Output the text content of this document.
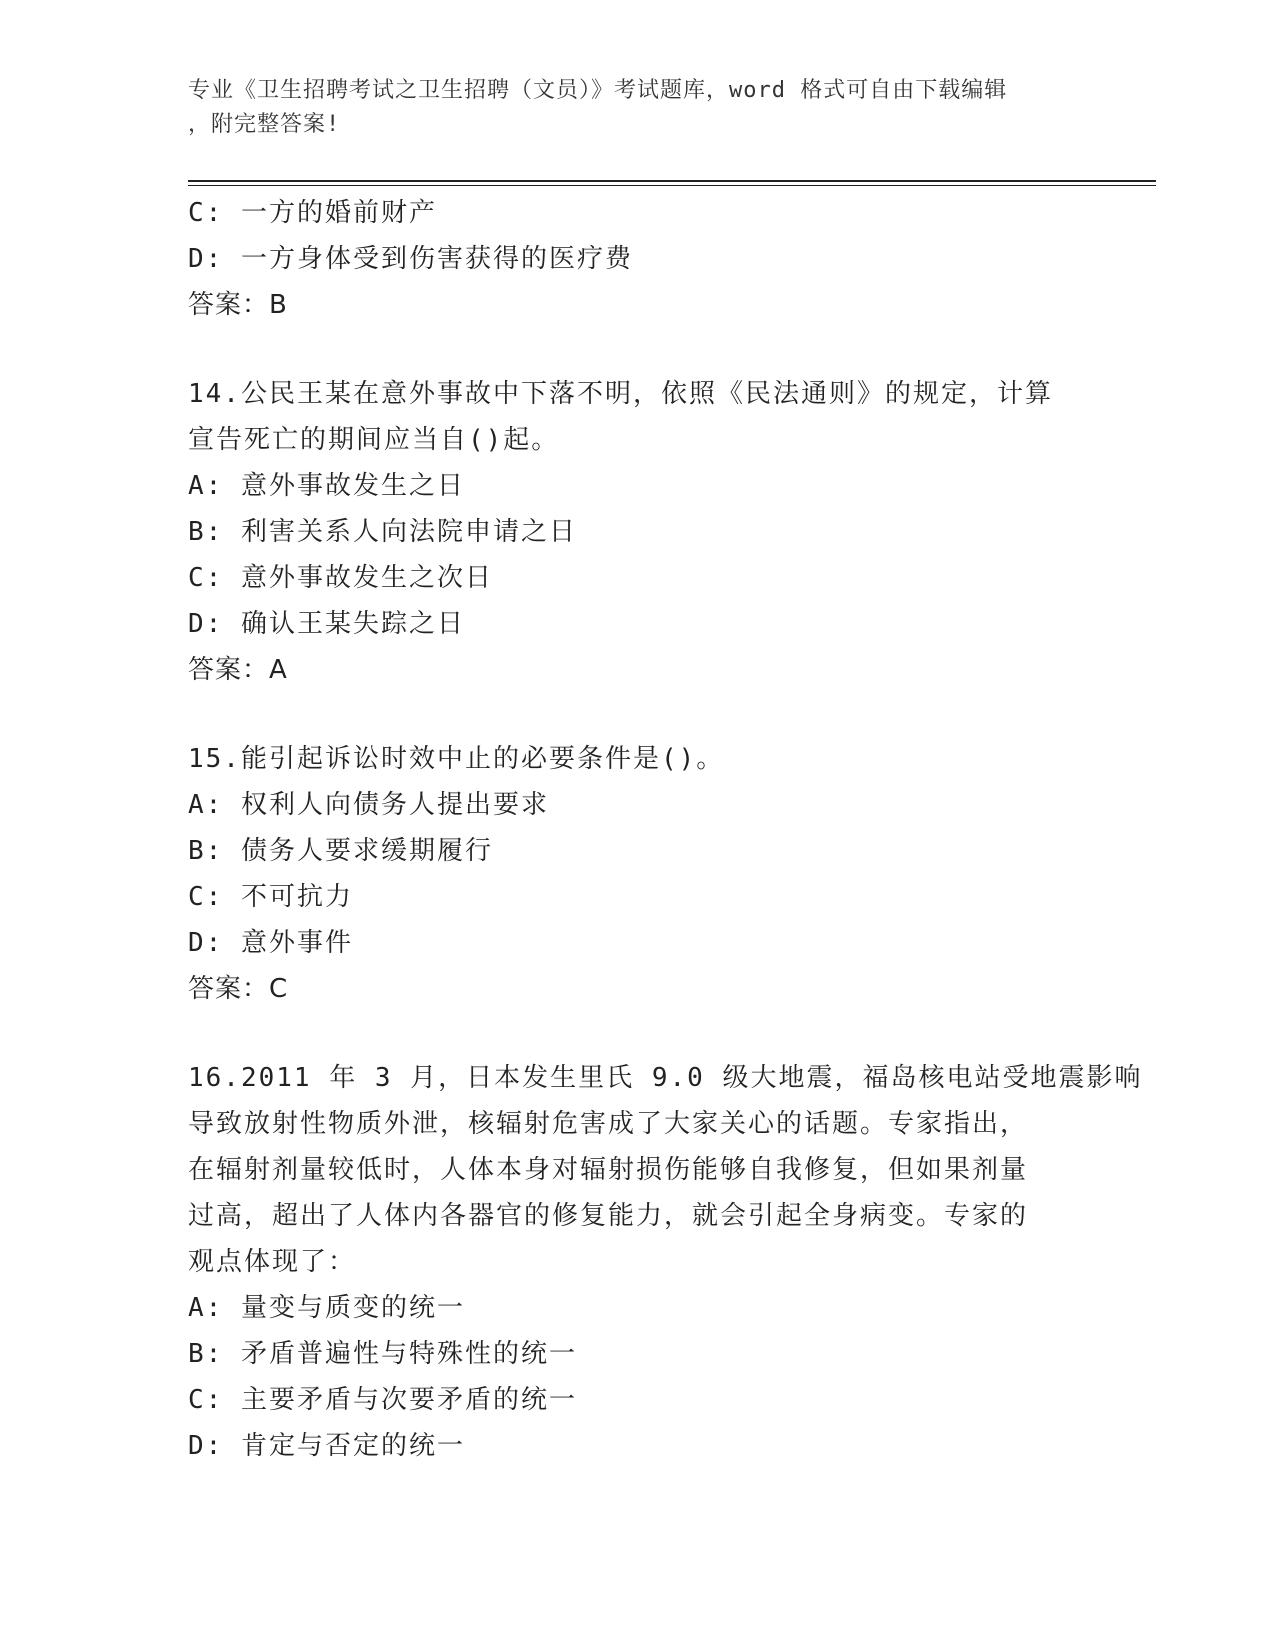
专业《卫生招聘考试之卫生招聘（文员）》考试题库，word 格式可自由下载编辑
，附完整答案!
C: 一方的婚前财产
D: 一方身体受到伤害获得的医疗费
答案：B
14.公民王某在意外事故中下落不明，依照《民法通则》的规定，计算
宣告死亡的期间应当自()起。
A: 意外事故发生之日
B: 利害关系人向法院申请之日
C: 意外事故发生之次日
D: 确认王某失踪之日
答案：A
15.能引起诉讼时效中止的必要条件是()。
A: 权利人向债务人提出要求
B: 债务人要求缓期履行
C: 不可抗力
D: 意外事件
答案：C
16.2011 年 3 月，日本发生里氏 9.0 级大地震，福岛核电站受地震影响
导致放射性物质外泄，核辐射危害成了大家关心的话题。专家指出，
在辐射剂量较低时，人体本身对辐射损伤能够自我修复，但如果剂量
过高，超出了人体内各器官的修复能力，就会引起全身病变。专家的
观点体现了：
A: 量变与质变的统一
B: 矛盾普遍性与特殊性的统一
C: 主要矛盾与次要矛盾的统一
D: 肯定与否定的统一
